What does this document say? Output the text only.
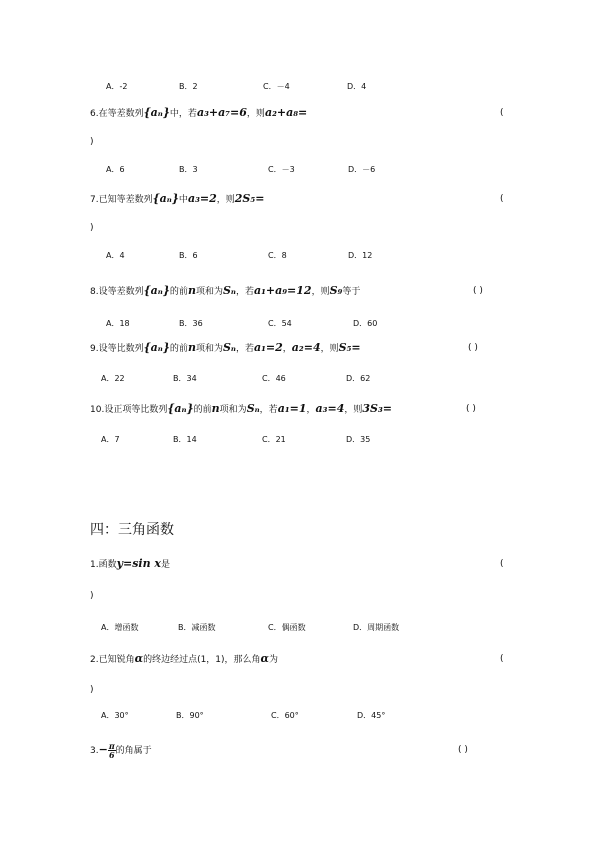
A．-2	B．2	C．－4	D．4
6.在等差数列{aₙ}中，若a₃+a₇=6，则a₂+a₈=	(
)
A．6	B．3	C．－3	D．－6
7.已知等差数列{aₙ}中a₃=2，则2S₅=	(
)
A．4	B．6	C．8	D．12
8.设等差数列{aₙ}的前n项和为Sₙ，若a₁+a₉=12，则S₉等于	( )
A．18	B．36	C．54	D．60
9.设等比数列{aₙ}的前n项和为Sₙ，若a₁=2，a₂=4，则S₅=	( )
A．22	B．34	C．46	D．62
10.设正项等比数列{aₙ}的前n项和为Sₙ，若a₁=1，a₃=4，则3S₃=	( )
A．7	B．14	C．21	D．35
四：三角函数
1.函数y=sin x是	(
)
A．增函数	B．减函数	C．偶函数	D．周期函数
2.已知锐角α的终边经过点(1，1)，那么角α为	(
)
A．30°	B．90°	C．60°	D．45°
$3.- \frac{\pi}{6}$ 的角属于	( )
